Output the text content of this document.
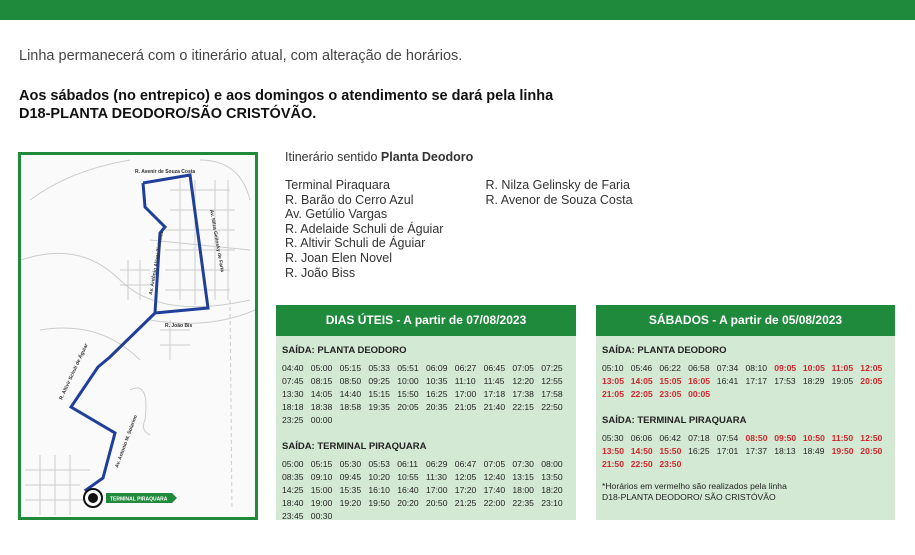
Linha permanecerá com o itinerário atual, com alteração de horários.
Aos sábados (no entrepico) e aos domingos o atendimento se dará pela linha
D18-PLANTA DEODORO/SÃO CRISTÓVÃO.
TERMINAL PIRAQUARA
R. Avenir de Souza Costa
R. João Bis
Av. Nilza Gelinsky de Faria
Av. Antônio Alceu Zielonka
R. Altivir Schuli de Águiar
Av. Antonio M. Solarino
Itinerário sentido Planta Deodoro
Terminal Piraquara
R. Barão do Cerro Azul
Av. Getúlio Vargas
R. Adelaide Schuli de Águiar
R. Altivir Schuli de Águiar
R. Joan Elen Novel
R. João Biss
R. Nilza Gelinsky de Faria
R. Avenor de Souza Costa
DIAS ÚTEIS - A partir de 07/08/2023
SAÍDA: PLANTA DEODORO
04:40 05:00 05:15 05:33 05:51 06:09 06:27 06:45 07:05 07:25
07:45 08:15 08:50 09:25 10:00 10:35 11:10 11:45 12:20 12:55
13:30 14:05 14:40 15:15 15:50 16:25 17:00 17:18 17:38 17:58
18:18 18:38 18:58 19:35 20:05 20:35 21:05 21:40 22:15 22:50
23:25 00:00
SAÍDA: TERMINAL PIRAQUARA
05:00 05:15 05:30 05:53 06:11 06:29 06:47 07:05 07:30 08:00
08:35 09:10 09:45 10:20 10:55 11:30 12:05 12:40 13:15 13:50
14:25 15:00 15:35 16:10 16:40 17:00 17:20 17:40 18:00 18:20
18:40 19:00 19:20 19:50 20:20 20:50 21:25 22:00 22:35 23:10
23:45 00:30
SÁBADOS - A partir de 05/08/2023
SAÍDA: PLANTA DEODORO
05:10 05:46 06:22 06:58 07:34 08:10 09:05 10:05 11:05 12:05
13:05 14:05 15:05 16:05 16:41 17:17 17:53 18:29 19:05 20:05
21:05 22:05 23:05 00:05
SAÍDA: TERMINAL PIRAQUARA
05:30 06:06 06:42 07:18 07:54 08:50 09:50 10:50 11:50 12:50
13:50 14:50 15:50 16:25 17:01 17:37 18:13 18:49 19:50 20:50
21:50 22:50 23:50
*Horários em vermelho são realizados pela linha
D18-PLANTA DEODORO/ SÃO CRISTÓVÃO
